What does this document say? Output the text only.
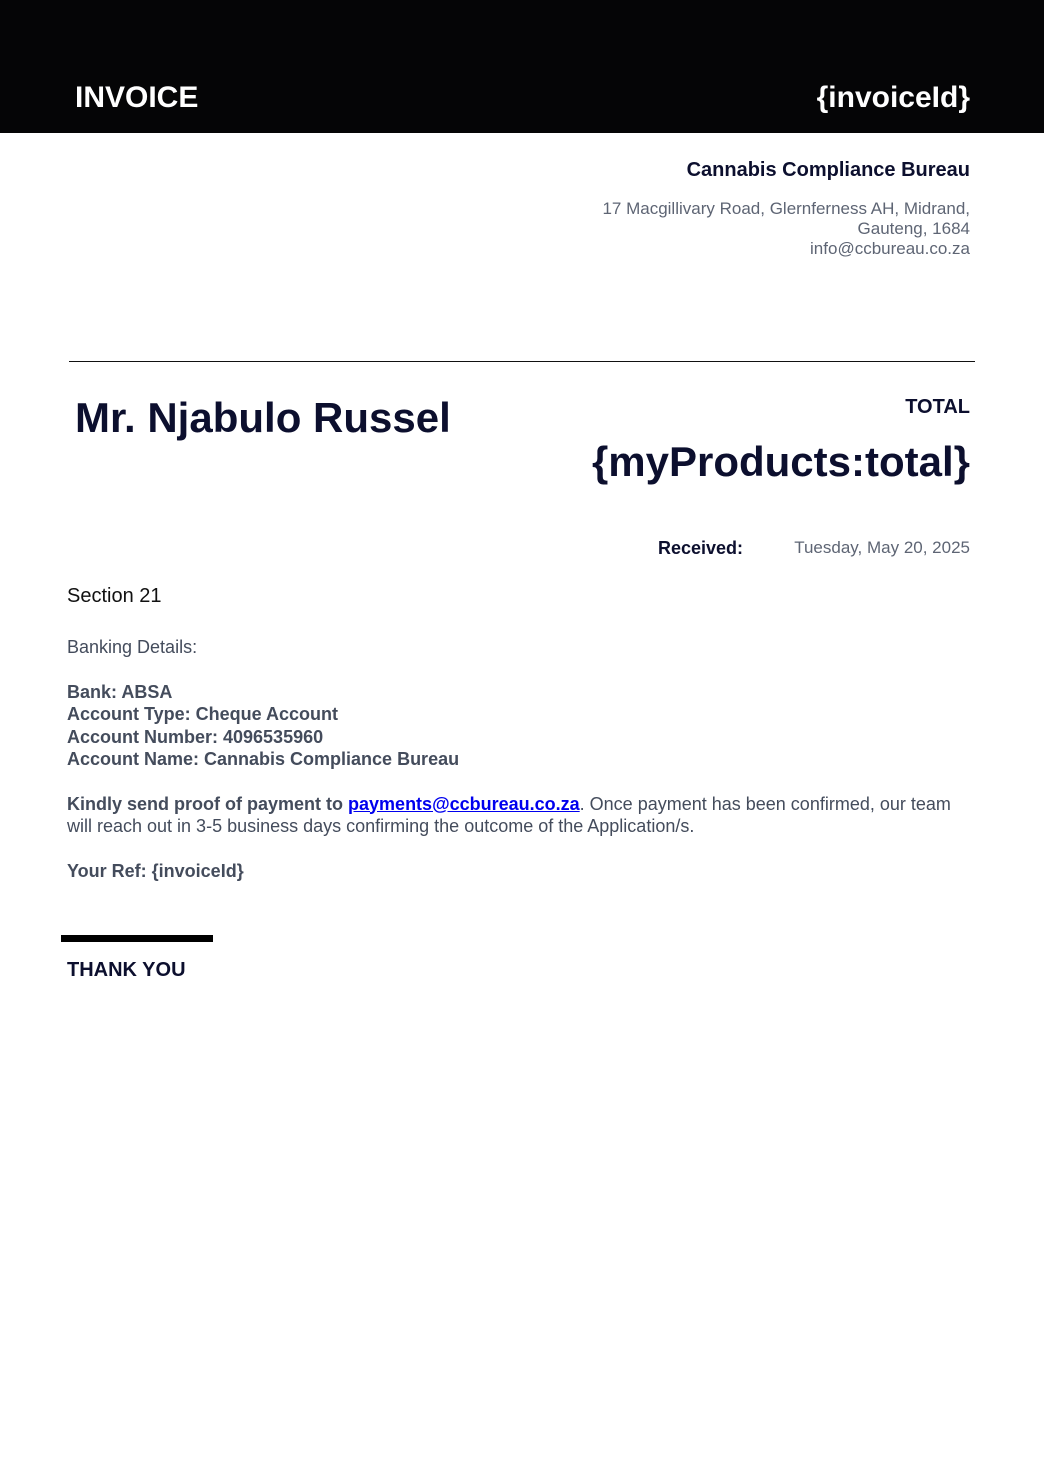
INVOICE	{invoiceId}
Cannabis Compliance Bureau
17 Macgillivary Road, Glernferness AH, Midrand,
Gauteng, 1684
info@ccbureau.co.za
Mr. Njabulo Russel	TOTAL
{myProducts:total}
Received:	Tuesday, May 20, 2025
Section 21
Banking Details:
Bank: ABSA
Account Type: Cheque Account
Account Number: 4096535960
Account Name: Cannabis Compliance Bureau
Kindly send proof of payment to payments@ccbureau.co.za. Once payment has been confirmed, our team will reach out in 3-5 business days confirming the outcome of the Application/s.
Your Ref: {invoiceId}
THANK YOU
